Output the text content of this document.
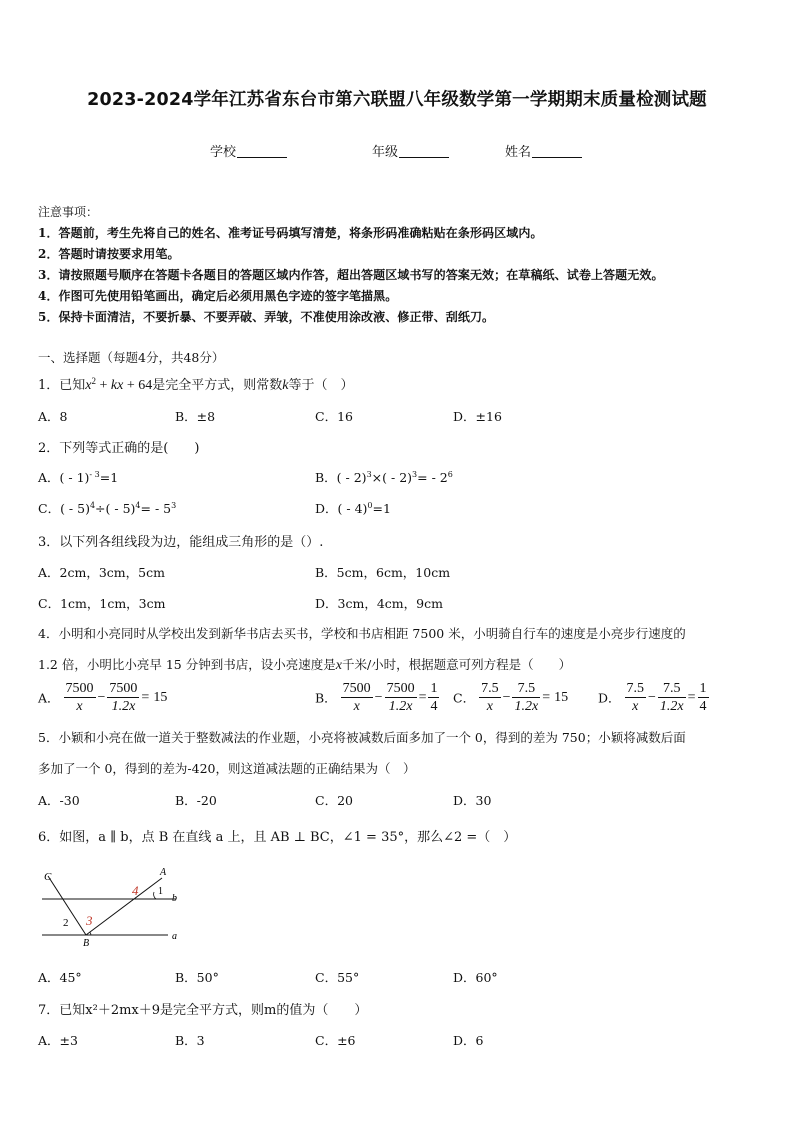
2023-2024学年江苏省东台市第六联盟八年级数学第一学期期末质量检测试题
学校	年级	姓名
注意事项：
1．答题前，考生先将自己的姓名、准考证号码填写清楚，将条形码准确粘贴在条形码区域内。
2．答题时请按要求用笔。
3．请按照题号顺序在答题卡各题目的答题区域内作答，超出答题区域书写的答案无效；在草稿纸、试卷上答题无效。
4．作图可先使用铅笔画出，确定后必须用黑色字迹的签字笔描黑。
5．保持卡面清洁，不要折暴、不要弄破、弄皱，不准使用涂改液、修正带、刮纸刀。
一、选择题（每题4分，共48分）
1．已知$x^2$ + kx + 64是完全平方式，则常数k等于（　）
A．8	B．±8	C．16	D．±16
2．下列等式正确的是(　　)
A．( - 1)$^{- 3}$=1	B．( - $2)^3\times( - 2)^3= - 2^6$
C．( - $5)^4\div( - 5)^4= - 5^3$	D．( - 4)$^0$=1
3．以下列各组线段为边，能组成三角形的是（）.
A．2cm，3cm，5cm	B．5cm，6cm，10cm
C．1cm，1cm，3cm	D．3cm，4cm，9cm
4．小明和小亮同时从学校出发到新华书店去买书，学校和书店相距 7500 米，小明骑自行车的速度是小亮步行速度的
1.2 倍，小明比小亮早 15 分钟到书店，设小亮速度是x千米/小时，根据题意可列方程是（　　）
A． $\frac{7500}{x} - \frac{7500}{1.2x} = 15$	B． $\frac{7500}{x} - \frac{7500}{1.2x} = \frac{1}{4}$ C． $\frac{7.5}{x} - \frac{7.5}{1.2x} = 15$ D． $\frac{7.5}{x} - \frac{7.5}{1.2x} = \frac{1}{4}$
5．小颖和小亮在做一道关于整数减法的作业题，小亮将被减数后面多加了一个 0，得到的差为 750；小颖将减数后面
多加了一个 0，得到的差为-420，则这道减法题的正确结果为（　）
A．-30	B．-20	C．20	D．30
6．如图，a ∥ b，点 B 在直线 a 上，且 AB ⊥ BC，∠1 = 35°，那么∠2 =（　）
C	A
B
a
b
1
2 3
4
A．45°	B．50°	C．55°	D．60°
7．已知x²＋2mx＋9是完全平方式，则m的值为（　　）
A．±3	B．3	C．±6	D．6
